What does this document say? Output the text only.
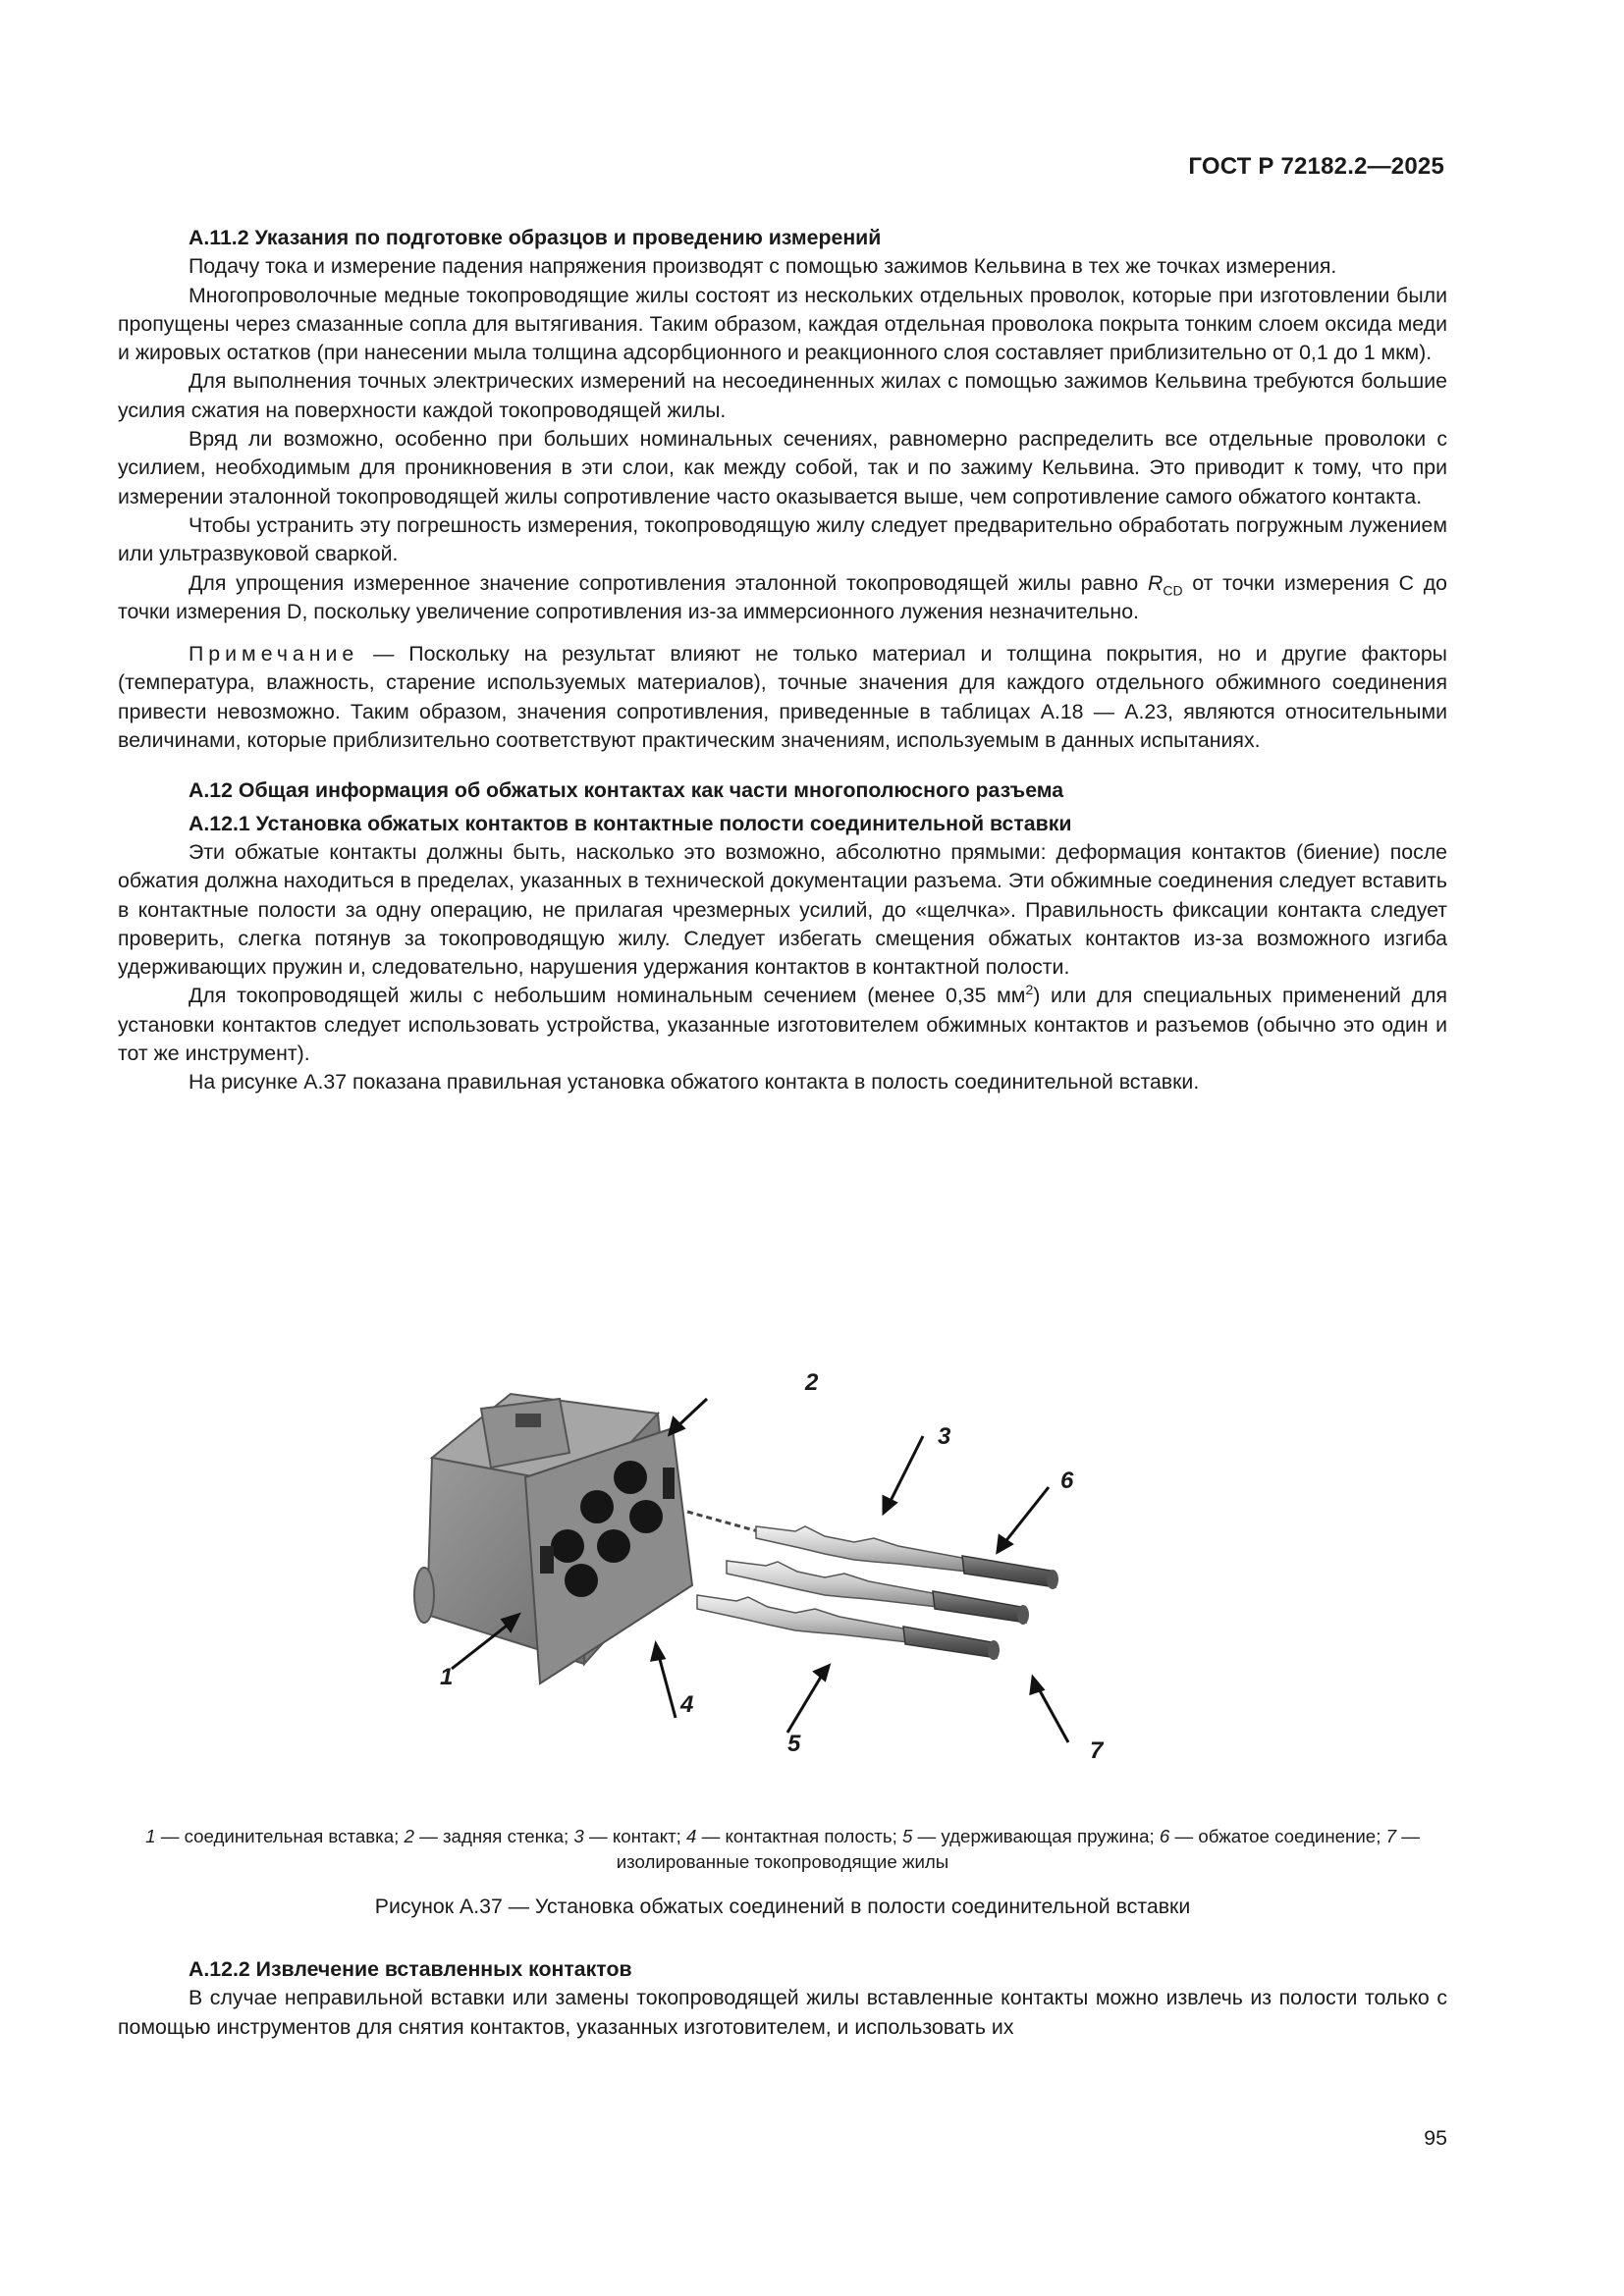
ГОСТ Р 72182.2—2025

А.11.2 Указания по подготовке образцов и проведению измерений

Подачу тока и измерение падения напряжения производят с помощью зажимов Кельвина в тех же точках измерения.

Многопроволочные медные токопроводящие жилы состоят из нескольких отдельных проволок, которые при изготовлении были пропущены через смазанные сопла для вытягивания. Таким образом, каждая отдельная проволока покрыта тонким слоем оксида меди и жировых остатков (при нанесении мыла толщина адсорбционного и реакционного слоя составляет приблизительно от 0,1 до 1 мкм).

Для выполнения точных электрических измерений на несоединенных жилах с помощью зажимов Кельвина требуются большие усилия сжатия на поверхности каждой токопроводящей жилы.

Вряд ли возможно, особенно при больших номинальных сечениях, равномерно распределить все отдельные проволоки с усилием, необходимым для проникновения в эти слои, как между собой, так и по зажиму Кельвина. Это приводит к тому, что при измерении эталонной токопроводящей жилы сопротивление часто оказывается выше, чем сопротивление самого обжатого контакта.

Чтобы устранить эту погрешность измерения, токопроводящую жилу следует предварительно обработать погружным лужением или ультразвуковой сваркой.

Для упрощения измеренное значение сопротивления эталонной токопроводящей жилы равно $R_{CD}$ от точки измерения С до точки измерения D, поскольку увеличение сопротивления из-за иммерсионного лужения незначительно.

Примечание — Поскольку на результат влияют не только материал и толщина покрытия, но и другие факторы (температура, влажность, старение используемых материалов), точные значения для каждого отдельного обжимного соединения привести невозможно. Таким образом, значения сопротивления, приведенные в таблицах А.18 — А.23, являются относительными величинами, которые приблизительно соответствуют практическим значениям, используемым в данных испытаниях.

А.12 Общая информация об обжатых контактах как части многополюсного разъема

А.12.1 Установка обжатых контактов в контактные полости соединительной вставки

Эти обжатые контакты должны быть, насколько это возможно, абсолютно прямыми: деформация контактов (биение) после обжатия должна находиться в пределах, указанных в технической документации разъема. Эти обжимные соединения следует вставить в контактные полости за одну операцию, не прилагая чрезмерных усилий, до «щелчка». Правильность фиксации контакта следует проверить, слегка потянув за токопроводящую жилу. Следует избегать смещения обжатых контактов из-за возможного изгиба удерживающих пружин и, следовательно, нарушения удержания контактов в контактной полости.

Для токопроводящей жилы с небольшим номинальным сечением (менее 0,35 $мм^2$) или для специальных применений для установки контактов следует использовать устройства, указанные изготовителем обжимных контактов и разъемов (обычно это один и тот же инструмент).

На рисунке А.37 показана правильная установка обжатого контакта в полость соединительной вставки.

1
2
3
4
5
6
7
1 — соединительная вставка; 2 — задняя стенка; 3 — контакт; 4 — контактная полость; 5 — удерживающая пружина; 6 — обжатое соединение; 7 — изолированные токопроводящие жилы
Рисунок А.37 — Установка обжатых соединений в полости соединительной вставки

А.12.2 Извлечение вставленных контактов

В случае неправильной вставки или замены токопроводящей жилы вставленные контакты можно извлечь из полости только с помощью инструментов для снятия контактов, указанных изготовителем, и использовать их

95
